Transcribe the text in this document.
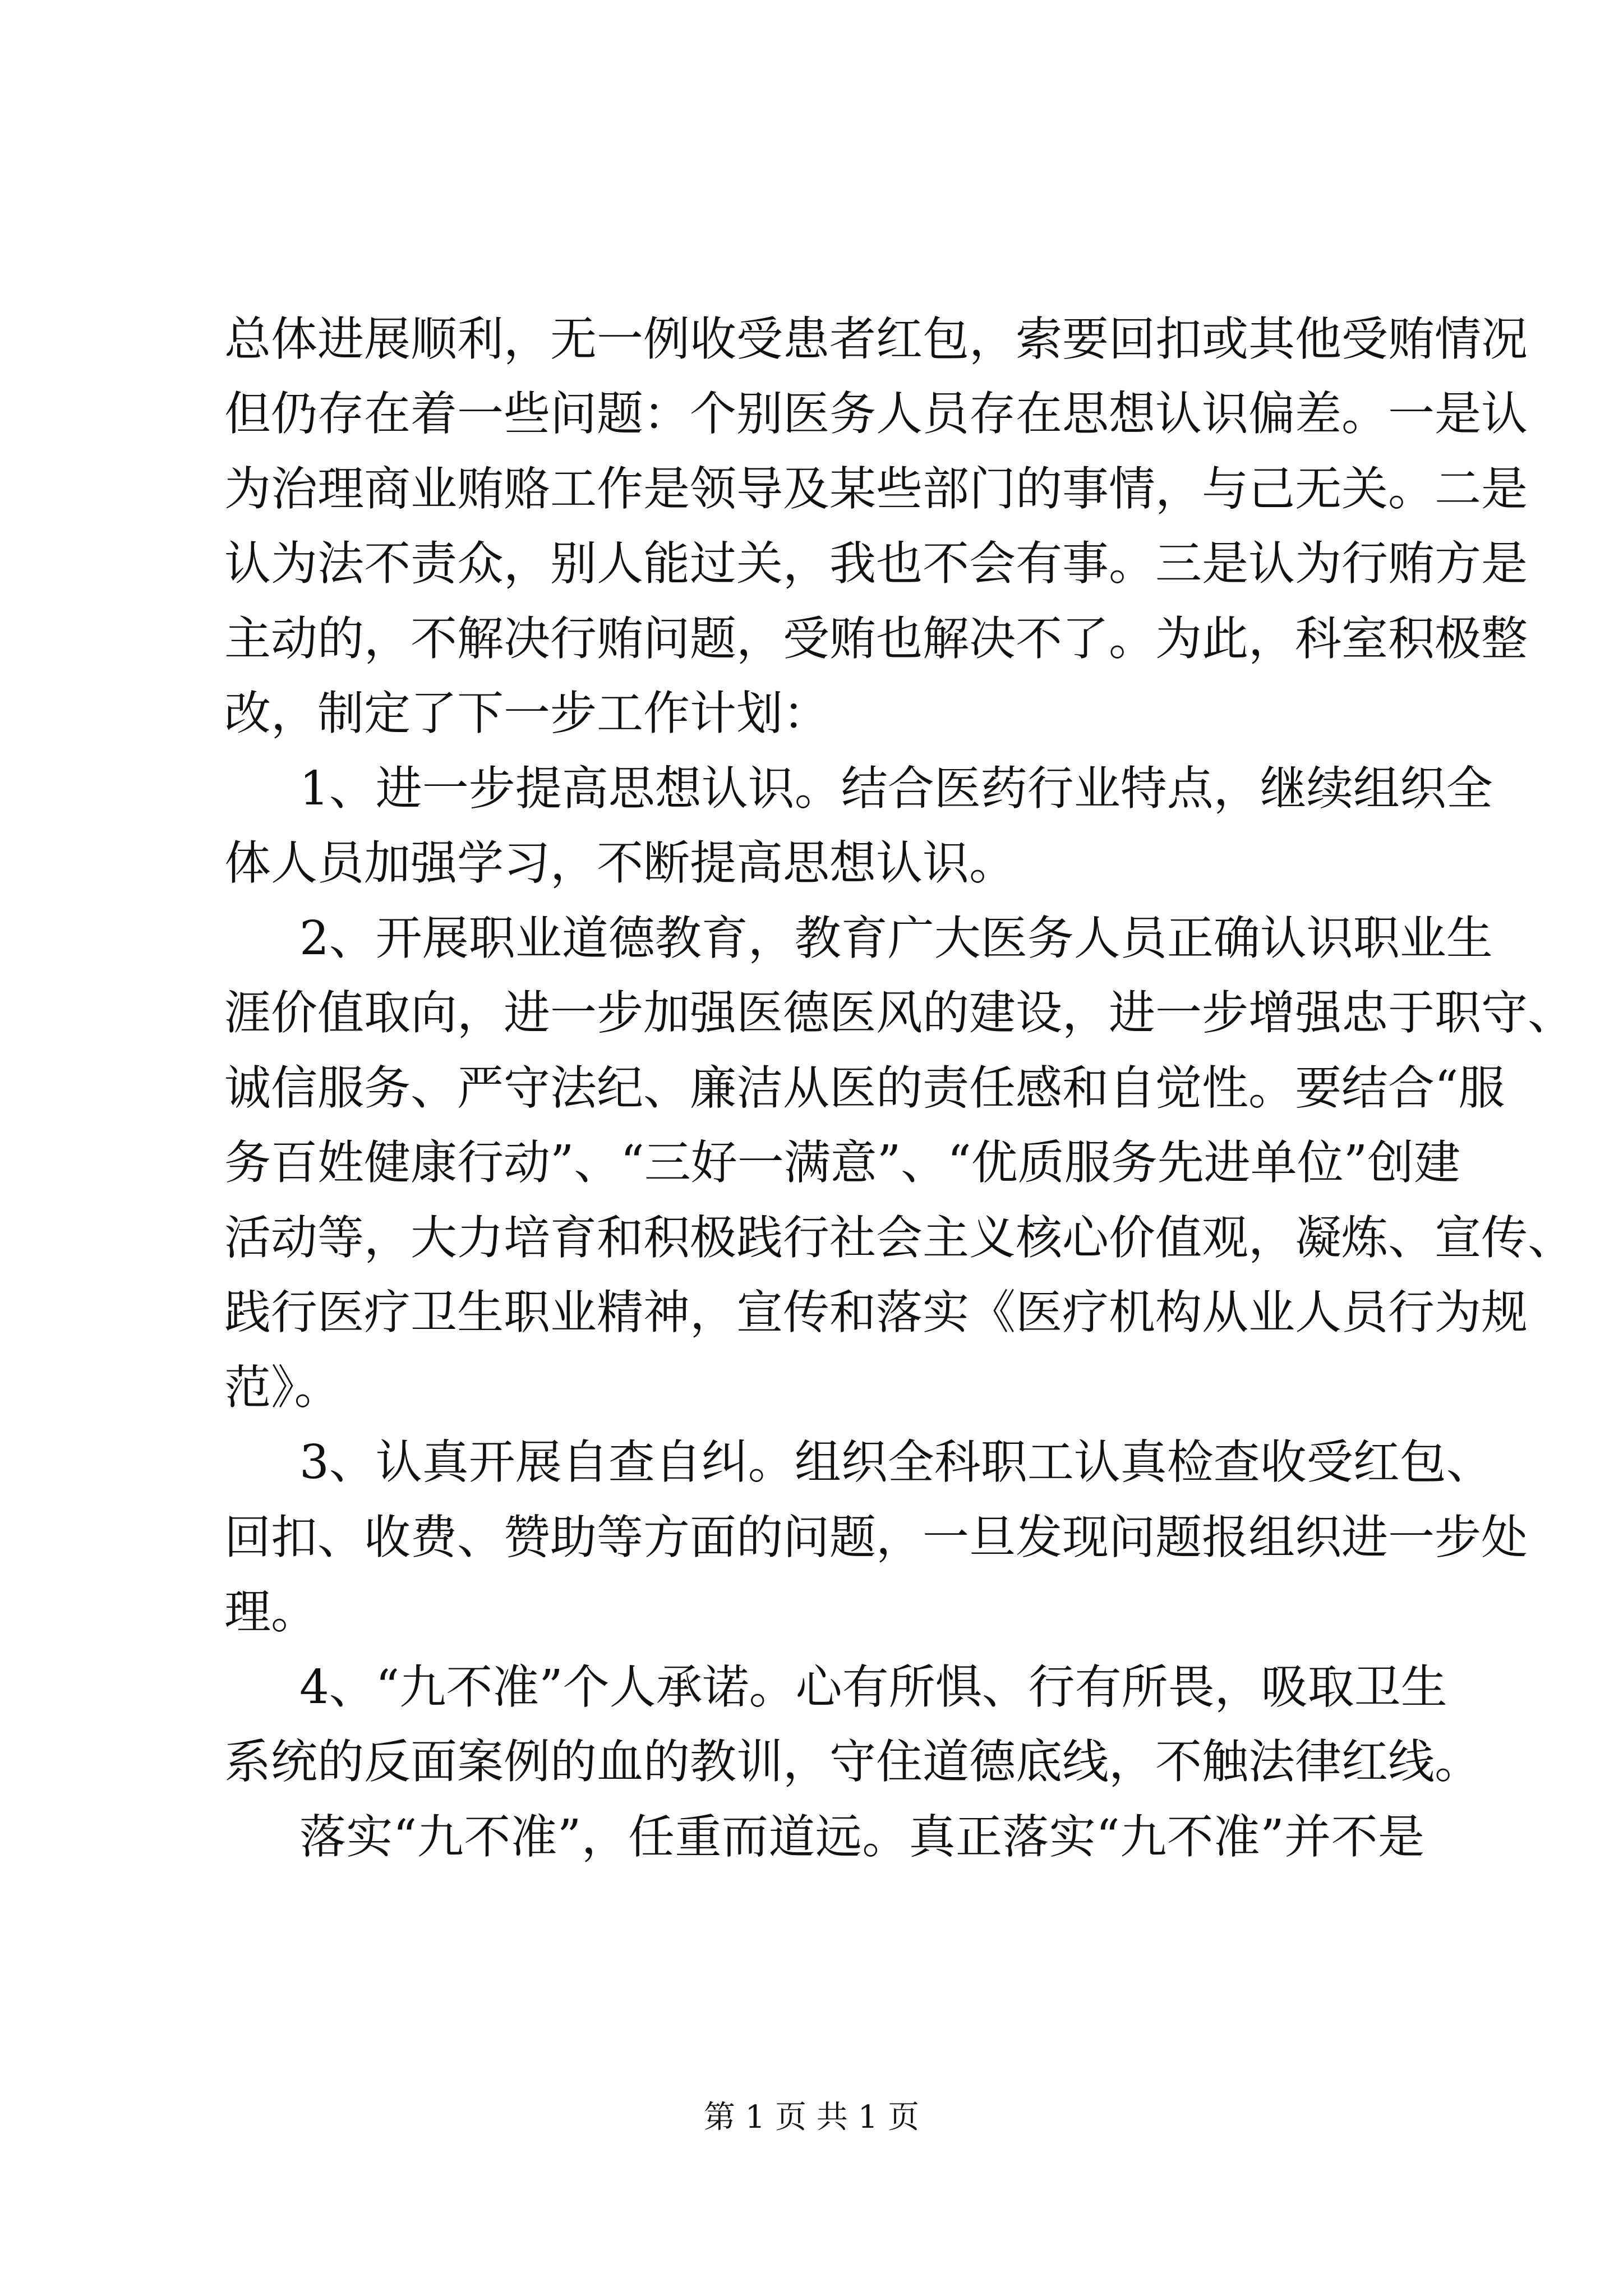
总体进展顺利，无一例收受患者红包，索要回扣或其他受贿情况
但仍存在着一些问题：个别医务人员存在思想认识偏差。一是认
为治理商业贿赂工作是领导及某些部门的事情，与己无关。二是
认为法不责众，别人能过关，我也不会有事。三是认为行贿方是
主动的，不解决行贿问题，受贿也解决不了。为此，科室积极整
改，制定了下一步工作计划：
1、进一步提高思想认识。结合医药行业特点，继续组织全
体人员加强学习，不断提高思想认识。
2、开展职业道德教育，教育广大医务人员正确认识职业生
涯价值取向，进一步加强医德医风的建设，进一步增强忠于职守、
诚信服务、严守法纪、廉洁从医的责任感和自觉性。要结合“服
务百姓健康行动”、“三好一满意”、“优质服务先进单位”创建
活动等，大力培育和积极践行社会主义核心价值观，凝炼、宣传、
践行医疗卫生职业精神，宣传和落实《医疗机构从业人员行为规
范》。
3、认真开展自查自纠。组织全科职工认真检查收受红包、
回扣、收费、赞助等方面的问题，一旦发现问题报组织进一步处
理。
4、“九不准”个人承诺。心有所惧、行有所畏，吸取卫生
系统的反面案例的血的教训，守住道德底线，不触法律红线。
落实“九不准”，任重而道远。真正落实“九不准”并不是
第 1 页 共 1 页
